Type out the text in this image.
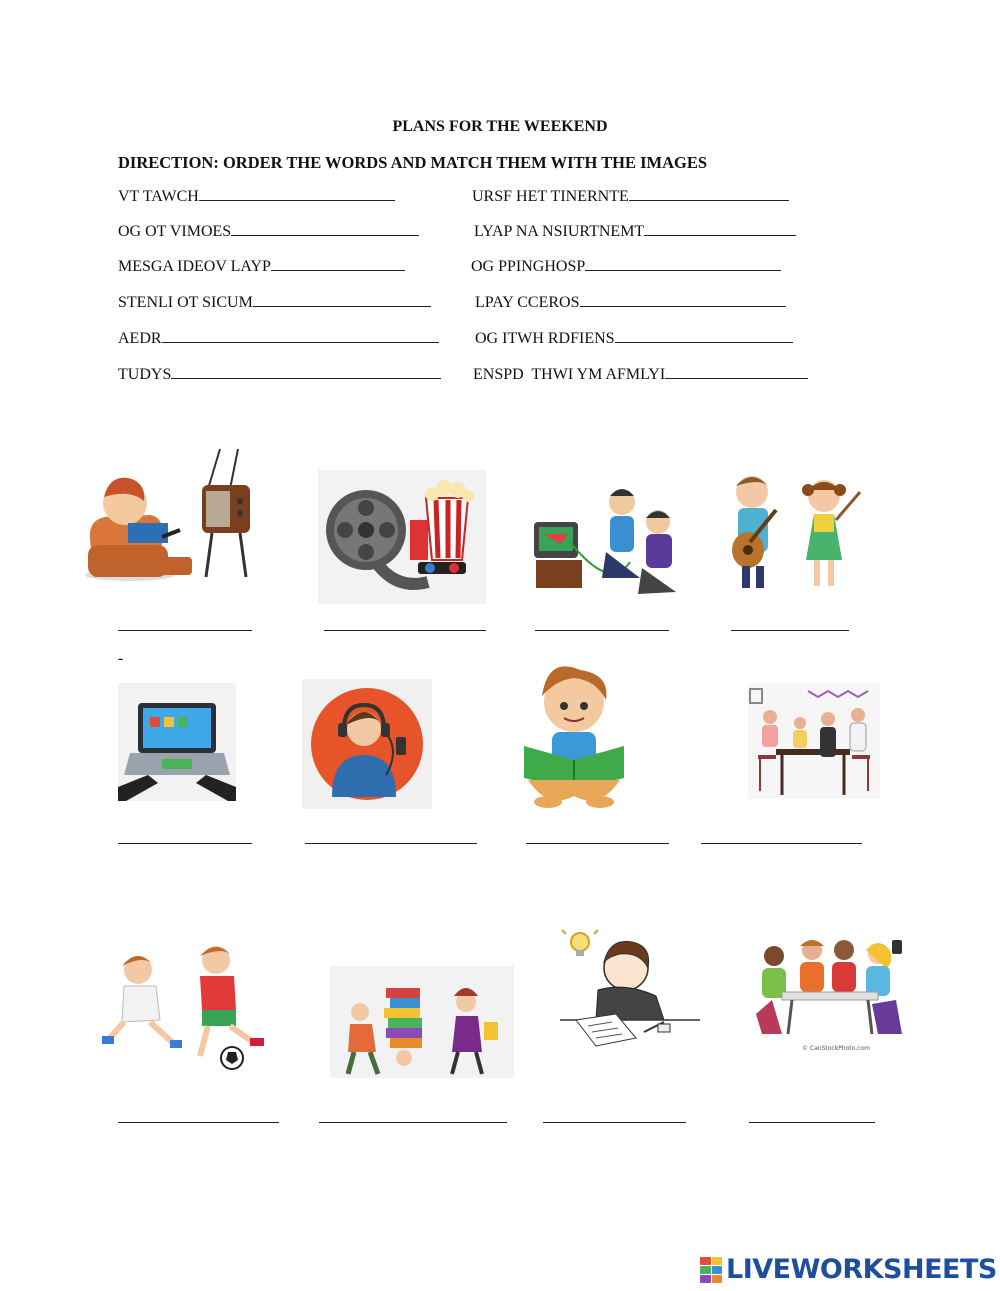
PLANS FOR THE WEEKEND
DIRECTION: ORDER THE WORDS AND MATCH THEM WITH THE IMAGES
VT TAWCH
OG OT VIMOES
MESGA IDEOV LAYP
STENLI OT SICUM
AEDR
TUDYS
URSF HET TINERNTE
LYAP NA NSIURTNEMT
OG PPINGHOSP
LPAY CCEROS
OG ITWH RDFIENS
ENSPD  THWI YM AFMLYI
-
© CanStockPhoto.com
LIVEWORKSHEETS
